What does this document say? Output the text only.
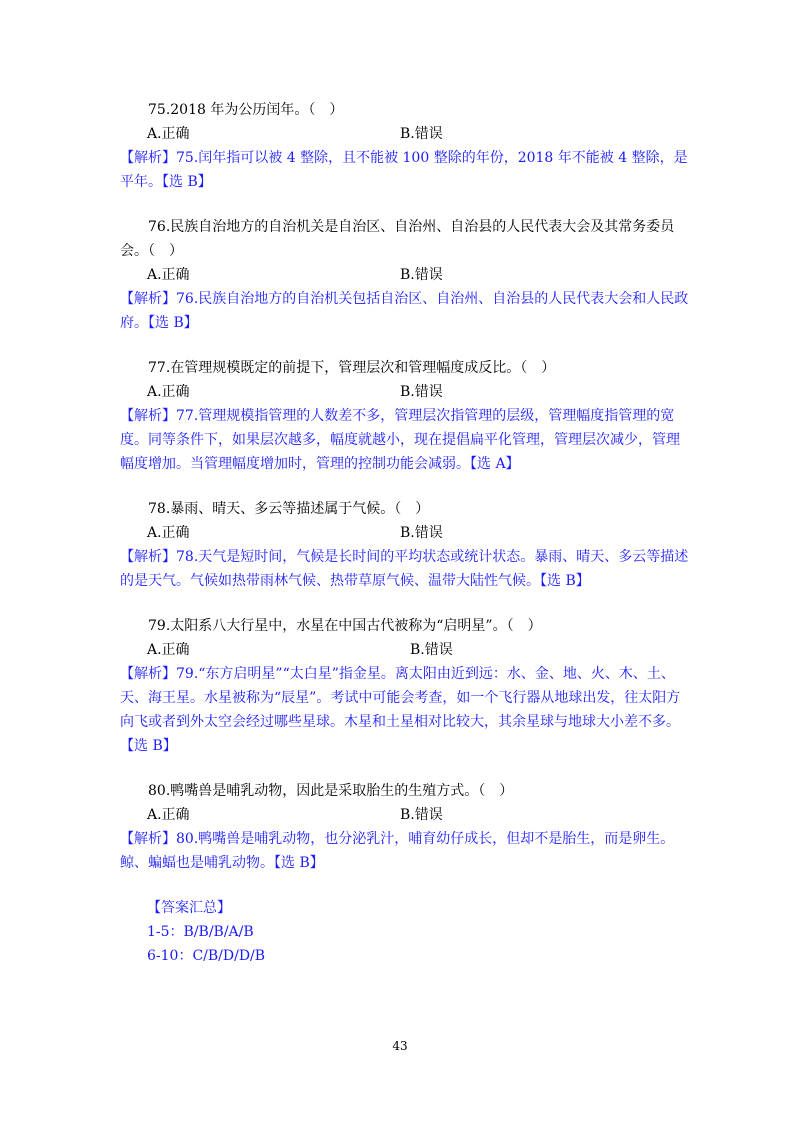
75.2018 年为公历闰年。（　）

A.正确	B.错误

【解析】75.闰年指可以被 4 整除，且不能被 100 整除的年份，2018 年不能被 4 整除，是平年。【选 B】

76.民族自治地方的自治机关是自治区、自治州、自治县的人民代表大会及其常务委员会。（　）

A.正确	B.错误

【解析】76.民族自治地方的自治机关包括自治区、自治州、自治县的人民代表大会和人民政府。【选 B】

77.在管理规模既定的前提下，管理层次和管理幅度成反比。（　）

A.正确	B.错误

【解析】77.管理规模指管理的人数差不多，管理层次指管理的层级，管理幅度指管理的宽度。同等条件下，如果层次越多，幅度就越小，现在提倡扁平化管理，管理层次减少，管理幅度增加。当管理幅度增加时，管理的控制功能会减弱。【选 A】

78.暴雨、晴天、多云等描述属于气候。（　）

A.正确	B.错误

【解析】78.天气是短时间，气候是长时间的平均状态或统计状态。暴雨、晴天、多云等描述的是天气。气候如热带雨林气候、热带草原气候、温带大陆性气候。【选 B】

79.太阳系八大行星中，水星在中国古代被称为“启明星”。（　）

A.正确	B.错误

【解析】79.“东方启明星”“太白星”指金星。离太阳由近到远：水、金、地、火、木、土、天、海王星。水星被称为“辰星”。考试中可能会考查，如一个飞行器从地球出发，往太阳方向飞或者到外太空会经过哪些星球。木星和土星相对比较大，其余星球与地球大小差不多。【选 B】

80.鸭嘴兽是哺乳动物，因此是采取胎生的生殖方式。（　）

A.正确	B.错误

【解析】80.鸭嘴兽是哺乳动物，也分泌乳汁，哺育幼仔成长，但却不是胎生，而是卵生。鲸、蝙蝠也是哺乳动物。【选 B】

【答案汇总】
1-5：B/B/B/A/B
6-10：C/B/D/D/B
43
